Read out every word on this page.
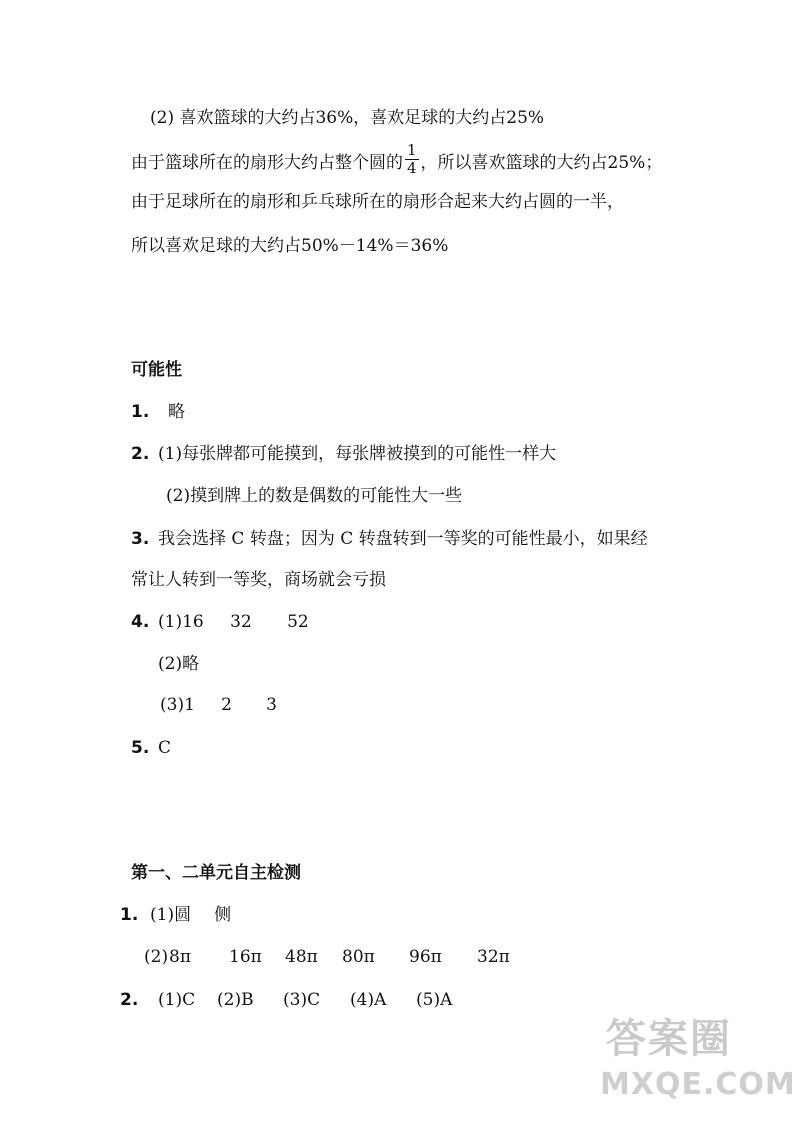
(2) 喜欢篮球的大约占36%，喜欢足球的大约占25%
由于篮球所在的扇形大约占整个圆的 $\frac{1}{4}$ ，所以喜欢篮球的大约占25%；
由于足球所在的扇形和乒乓球所在的扇形合起来大约占圆的一半，
所以喜欢足球的大约占50%－14%＝36%
可能性
1. 略
2. (1)每张牌都可能摸到，每张牌被摸到的可能性一样大
(2)摸到牌上的数是偶数的可能性大一些
3. 我会选择 C 转盘；因为 C 转盘转到一等奖的可能性最小，如果经
常让人转到一等奖，商场就会亏损
4. (1)16 32 52
(2)略
(3)1 2 3
5. C
第一、二单元自主检测
1. (1)圆 侧
(2)8π 16π 48π 80π 96π 32π
2. (1)C (2)B (3)C (4)A (5)A
答案圈
MXQE.COM
